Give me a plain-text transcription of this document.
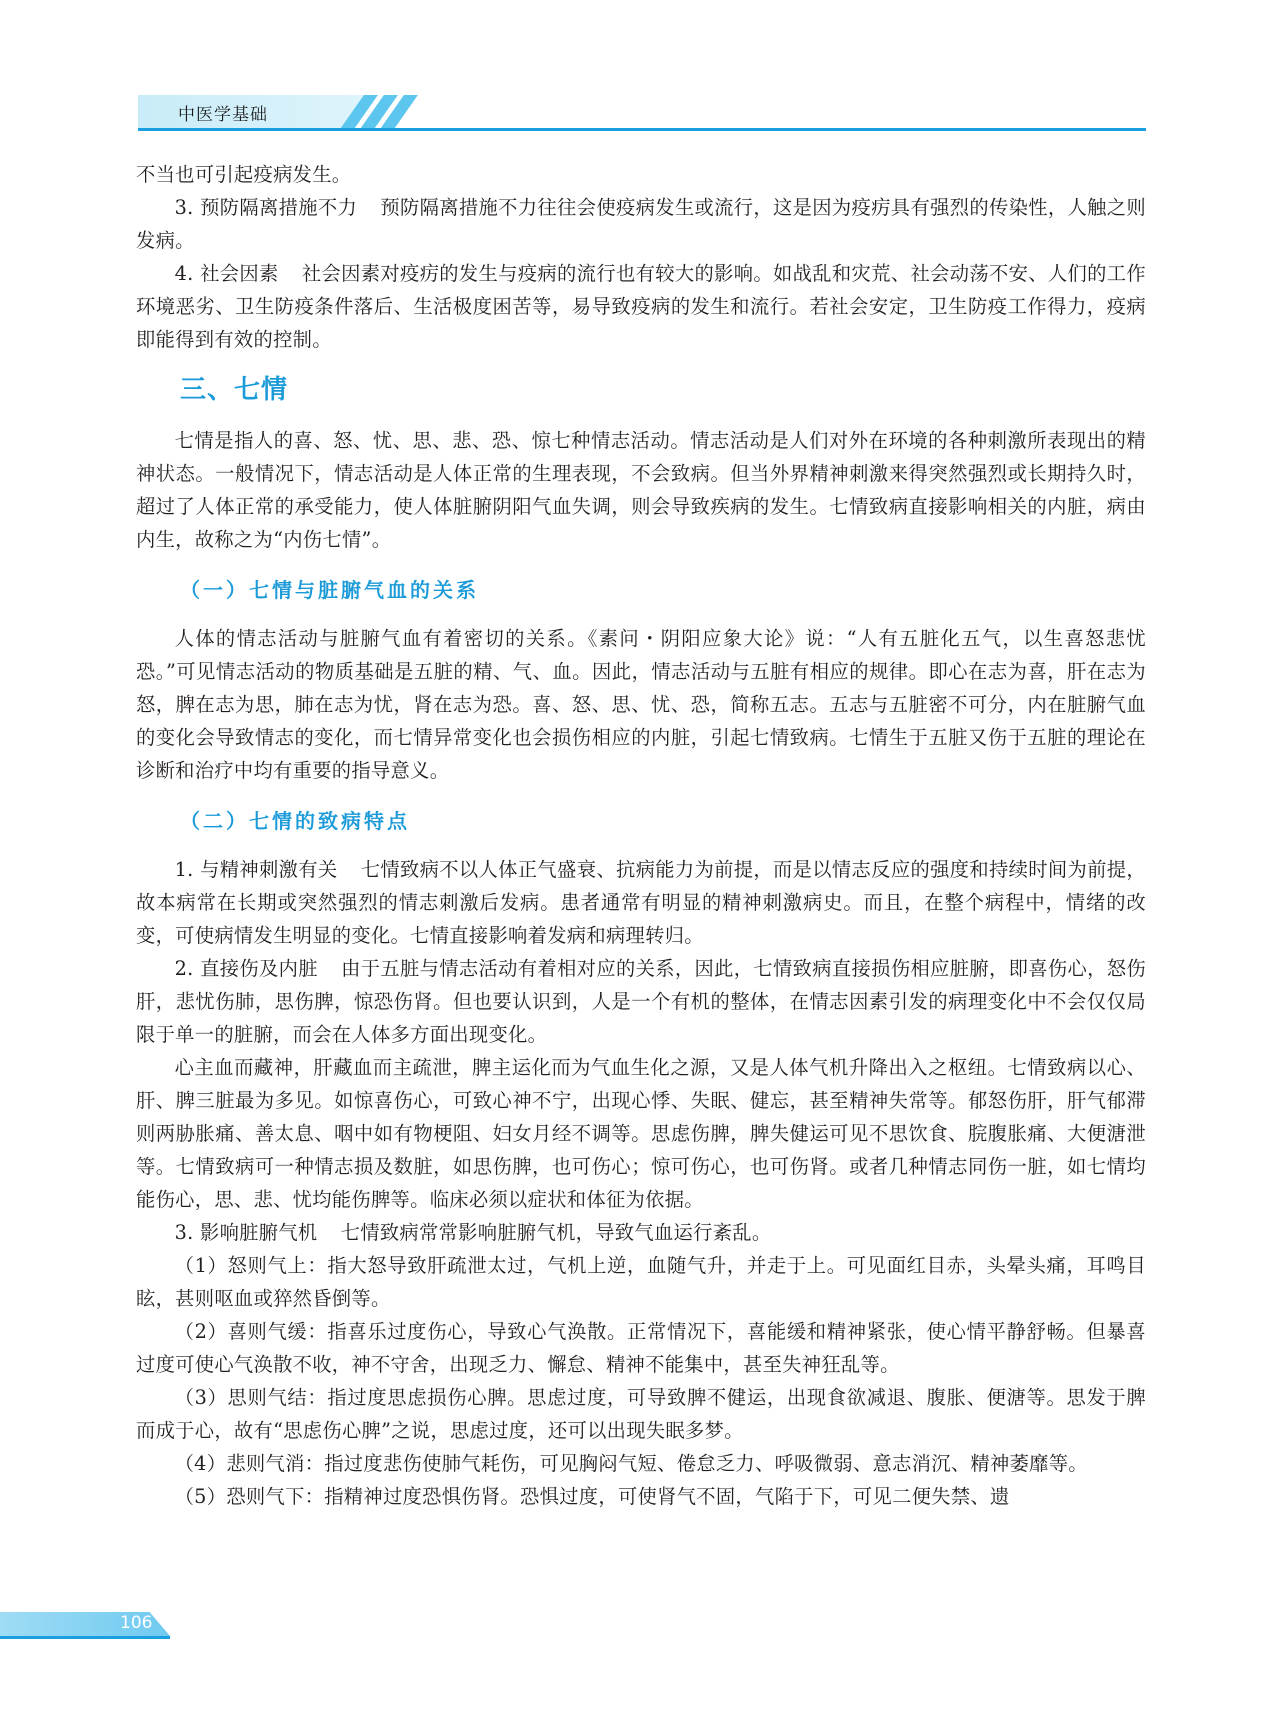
中医学基础

不当也可引起疫病发生。

3. 预防隔离措施不力 预防隔离措施不力往往会使疫病发生或流行，这是因为疫疠具有强烈的传染性，人触之则发病。

4. 社会因素 社会因素对疫疠的发生与疫病的流行也有较大的影响。如战乱和灾荒、社会动荡不安、人们的工作环境恶劣、卫生防疫条件落后、生活极度困苦等，易导致疫病的发生和流行。若社会安定，卫生防疫工作得力，疫病即能得到有效的控制。

三、七情

七情是指人的喜、怒、忧、思、悲、恐、惊七种情志活动。情志活动是人们对外在环境的各种刺激所表现出的精神状态。一般情况下，情志活动是人体正常的生理表现，不会致病。但当外界精神刺激来得突然强烈或长期持久时，超过了人体正常的承受能力，使人体脏腑阴阳气血失调，则会导致疾病的发生。七情致病直接影响相关的内脏，病由内生，故称之为“内伤七情”。

（一）七情与脏腑气血的关系

人体的情志活动与脏腑气血有着密切的关系。《素问・阴阳应象大论》说：“人有五脏化五气，以生喜怒悲忧恐。”可见情志活动的物质基础是五脏的精、气、血。因此，情志活动与五脏有相应的规律。即心在志为喜，肝在志为怒，脾在志为思，肺在志为忧，肾在志为恐。喜、怒、思、忧、恐，简称五志。五志与五脏密不可分，内在脏腑气血的变化会导致情志的变化，而七情异常变化也会损伤相应的内脏，引起七情致病。七情生于五脏又伤于五脏的理论在诊断和治疗中均有重要的指导意义。

（二）七情的致病特点

1. 与精神刺激有关 七情致病不以人体正气盛衰、抗病能力为前提，而是以情志反应的强度和持续时间为前提，故本病常在长期或突然强烈的情志刺激后发病。患者通常有明显的精神刺激病史。而且，在整个病程中，情绪的改变，可使病情发生明显的变化。七情直接影响着发病和病理转归。

2. 直接伤及内脏 由于五脏与情志活动有着相对应的关系，因此，七情致病直接损伤相应脏腑，即喜伤心，怒伤肝，悲忧伤肺，思伤脾，惊恐伤肾。但也要认识到，人是一个有机的整体，在情志因素引发的病理变化中不会仅仅局限于单一的脏腑，而会在人体多方面出现变化。

心主血而藏神，肝藏血而主疏泄，脾主运化而为气血生化之源，又是人体气机升降出入之枢纽。七情致病以心、肝、脾三脏最为多见。如惊喜伤心，可致心神不宁，出现心悸、失眠、健忘，甚至精神失常等。郁怒伤肝，肝气郁滞则两胁胀痛、善太息、咽中如有物梗阻、妇女月经不调等。思虑伤脾，脾失健运可见不思饮食、脘腹胀痛、大便溏泄等。七情致病可一种情志损及数脏，如思伤脾，也可伤心；惊可伤心，也可伤肾。或者几种情志同伤一脏，如七情均能伤心，思、悲、忧均能伤脾等。临床必须以症状和体征为依据。

3. 影响脏腑气机 七情致病常常影响脏腑气机，导致气血运行紊乱。

（1）怒则气上：指大怒导致肝疏泄太过，气机上逆，血随气升，并走于上。可见面红目赤，头晕头痛，耳鸣目眩，甚则呕血或猝然昏倒等。

（2）喜则气缓：指喜乐过度伤心，导致心气涣散。正常情况下，喜能缓和精神紧张，使心情平静舒畅。但暴喜过度可使心气涣散不收，神不守舍，出现乏力、懈怠、精神不能集中，甚至失神狂乱等。

（3）思则气结：指过度思虑损伤心脾。思虑过度，可导致脾不健运，出现食欲减退、腹胀、便溏等。思发于脾而成于心，故有“思虑伤心脾”之说，思虑过度，还可以出现失眠多梦。

（4）悲则气消：指过度悲伤使肺气耗伤，可见胸闷气短、倦怠乏力、呼吸微弱、意志消沉、精神萎靡等。

（5）恐则气下：指精神过度恐惧伤肾。恐惧过度，可使肾气不固，气陷于下，可见二便失禁、遗

106
